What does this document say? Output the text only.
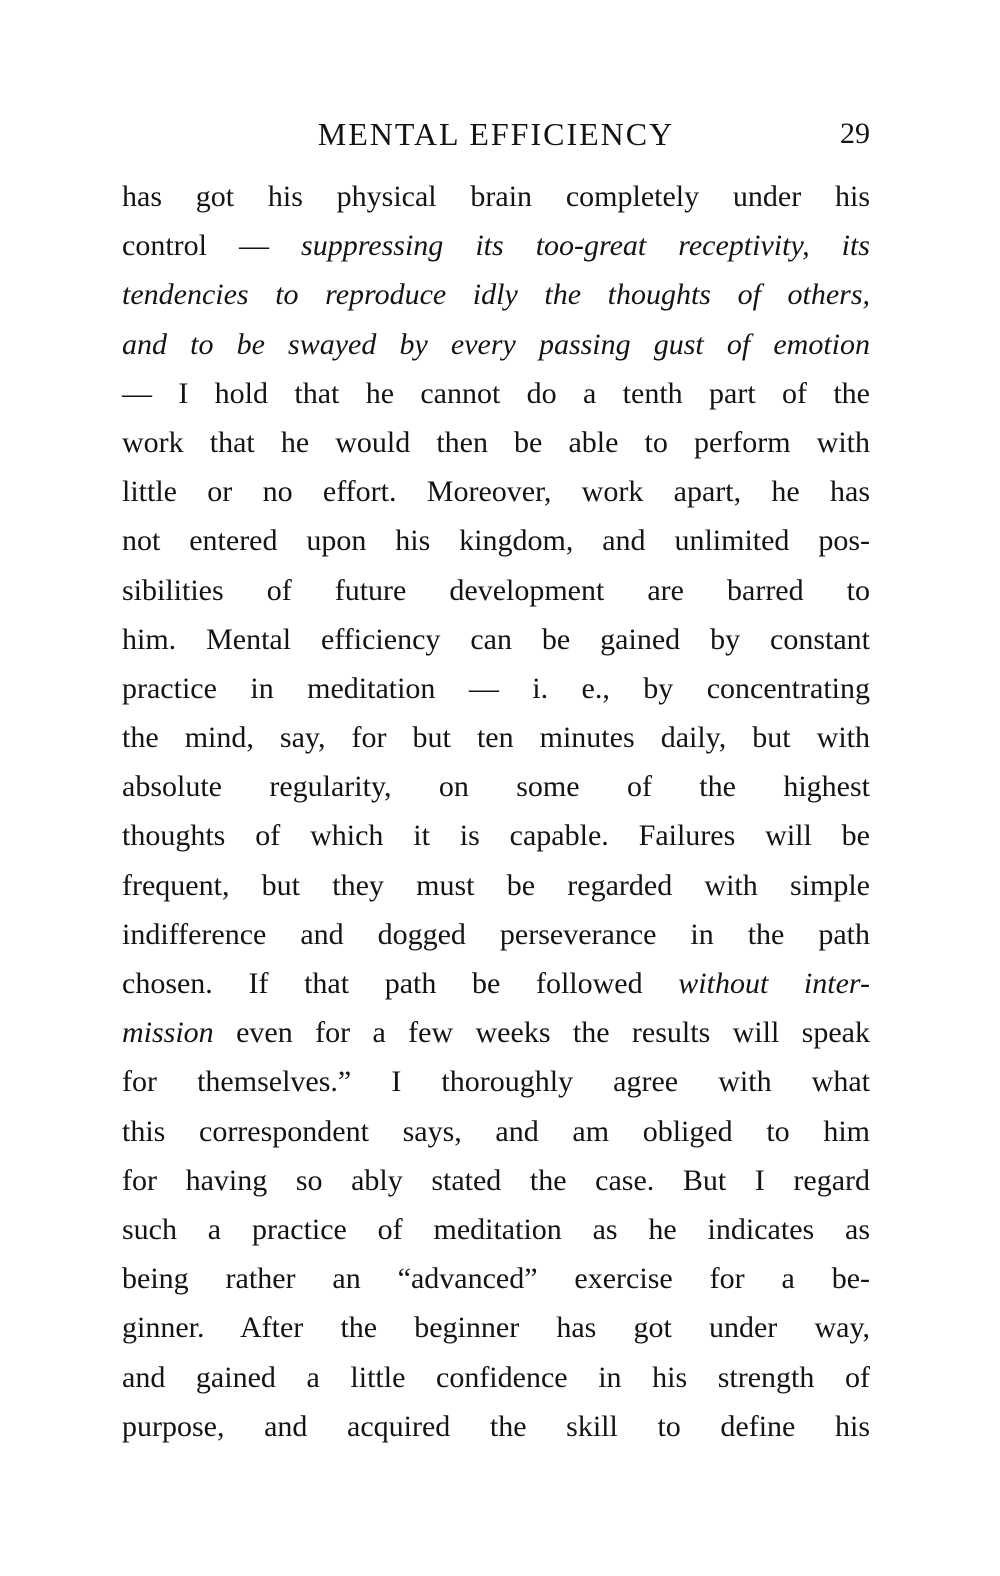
MENTAL EFFICIENCY	29
has got his physical brain completely under his
control — suppressing its too-great receptivity, its
tendencies to reproduce idly the thoughts of others,
and to be swayed by every passing gust of emotion
— I hold that he cannot do a tenth part of the
work that he would then be able to perform with
little or no effort. Moreover, work apart, he has
not entered upon his kingdom, and unlimited pos-
sibilities of future development are barred to
him. Mental efficiency can be gained by constant
practice in meditation — i. e., by concentrating
the mind, say, for but ten minutes daily, but with
absolute regularity, on some of the highest
thoughts of which it is capable. Failures will be
frequent, but they must be regarded with simple
indifference and dogged perseverance in the path
chosen. If that path be followed without inter-
mission even for a few weeks the results will speak
for themselves.” I thoroughly agree with what
this correspondent says, and am obliged to him
for having so ably stated the case. But I regard
such a practice of meditation as he indicates as
being rather an “advanced” exercise for a be-
ginner. After the beginner has got under way,
and gained a little confidence in his strength of
purpose, and acquired the skill to define his
